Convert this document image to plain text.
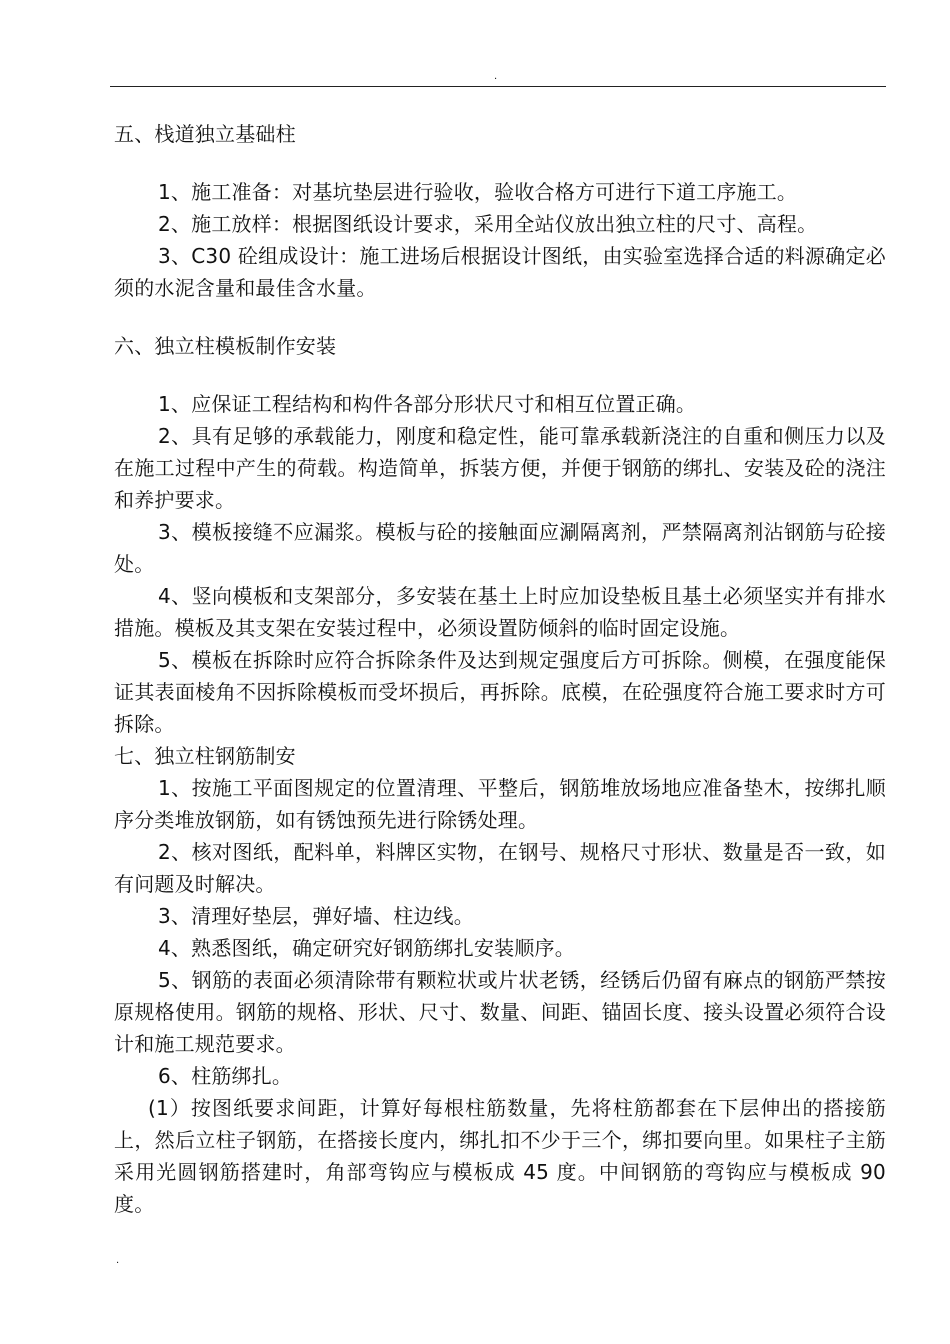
.
五、栈道独立基础柱

1、施工准备：对基坑垫层进行验收，验收合格方可进行下道工序施工。

2、施工放样：根据图纸设计要求，采用全站仪放出独立柱的尺寸、高程。

3、C30 砼组成设计：施工进场后根据设计图纸，由实验室选择合适的料源确定必须的水泥含量和最佳含水量。

六、独立柱模板制作安装

1、应保证工程结构和构件各部分形状尺寸和相互位置正确。

2、具有足够的承载能力，刚度和稳定性，能可靠承载新浇注的自重和侧压力以及在施工过程中产生的荷载。构造简单，拆装方便，并便于钢筋的绑扎、安装及砼的浇注和养护要求。

3、模板接缝不应漏浆。模板与砼的接触面应涮隔离剂，严禁隔离剂沾钢筋与砼接处。

4、竖向模板和支架部分，多安装在基土上时应加设垫板且基土必须坚实并有排水措施。模板及其支架在安装过程中，必须设置防倾斜的临时固定设施。

5、模板在拆除时应符合拆除条件及达到规定强度后方可拆除。侧模，在强度能保证其表面棱角不因拆除模板而受坏损后，再拆除。底模，在砼强度符合施工要求时方可拆除。

七、独立柱钢筋制安

1、按施工平面图规定的位置清理、平整后，钢筋堆放场地应准备垫木，按绑扎顺序分类堆放钢筋，如有锈蚀预先进行除锈处理。

2、核对图纸，配料单，料牌区实物，在钢号、规格尺寸形状、数量是否一致，如有问题及时解决。

3、清理好垫层，弹好墙、柱边线。

4、熟悉图纸，确定研究好钢筋绑扎安装顺序。

5、钢筋的表面必须清除带有颗粒状或片状老锈，经锈后仍留有麻点的钢筋严禁按原规格使用。钢筋的规格、形状、尺寸、数量、间距、锚固长度、接头设置必须符合设计和施工规范要求。

6、柱筋绑扎。

(1）按图纸要求间距，计算好每根柱筋数量，先将柱筋都套在下层伸出的搭接筋上，然后立柱子钢筋，在搭接长度内，绑扎扣不少于三个，绑扣要向里。如果柱子主筋采用光圆钢筋搭建时，角部弯钩应与模板成 45 度。中间钢筋的弯钩应与模板成 90 度。

.
